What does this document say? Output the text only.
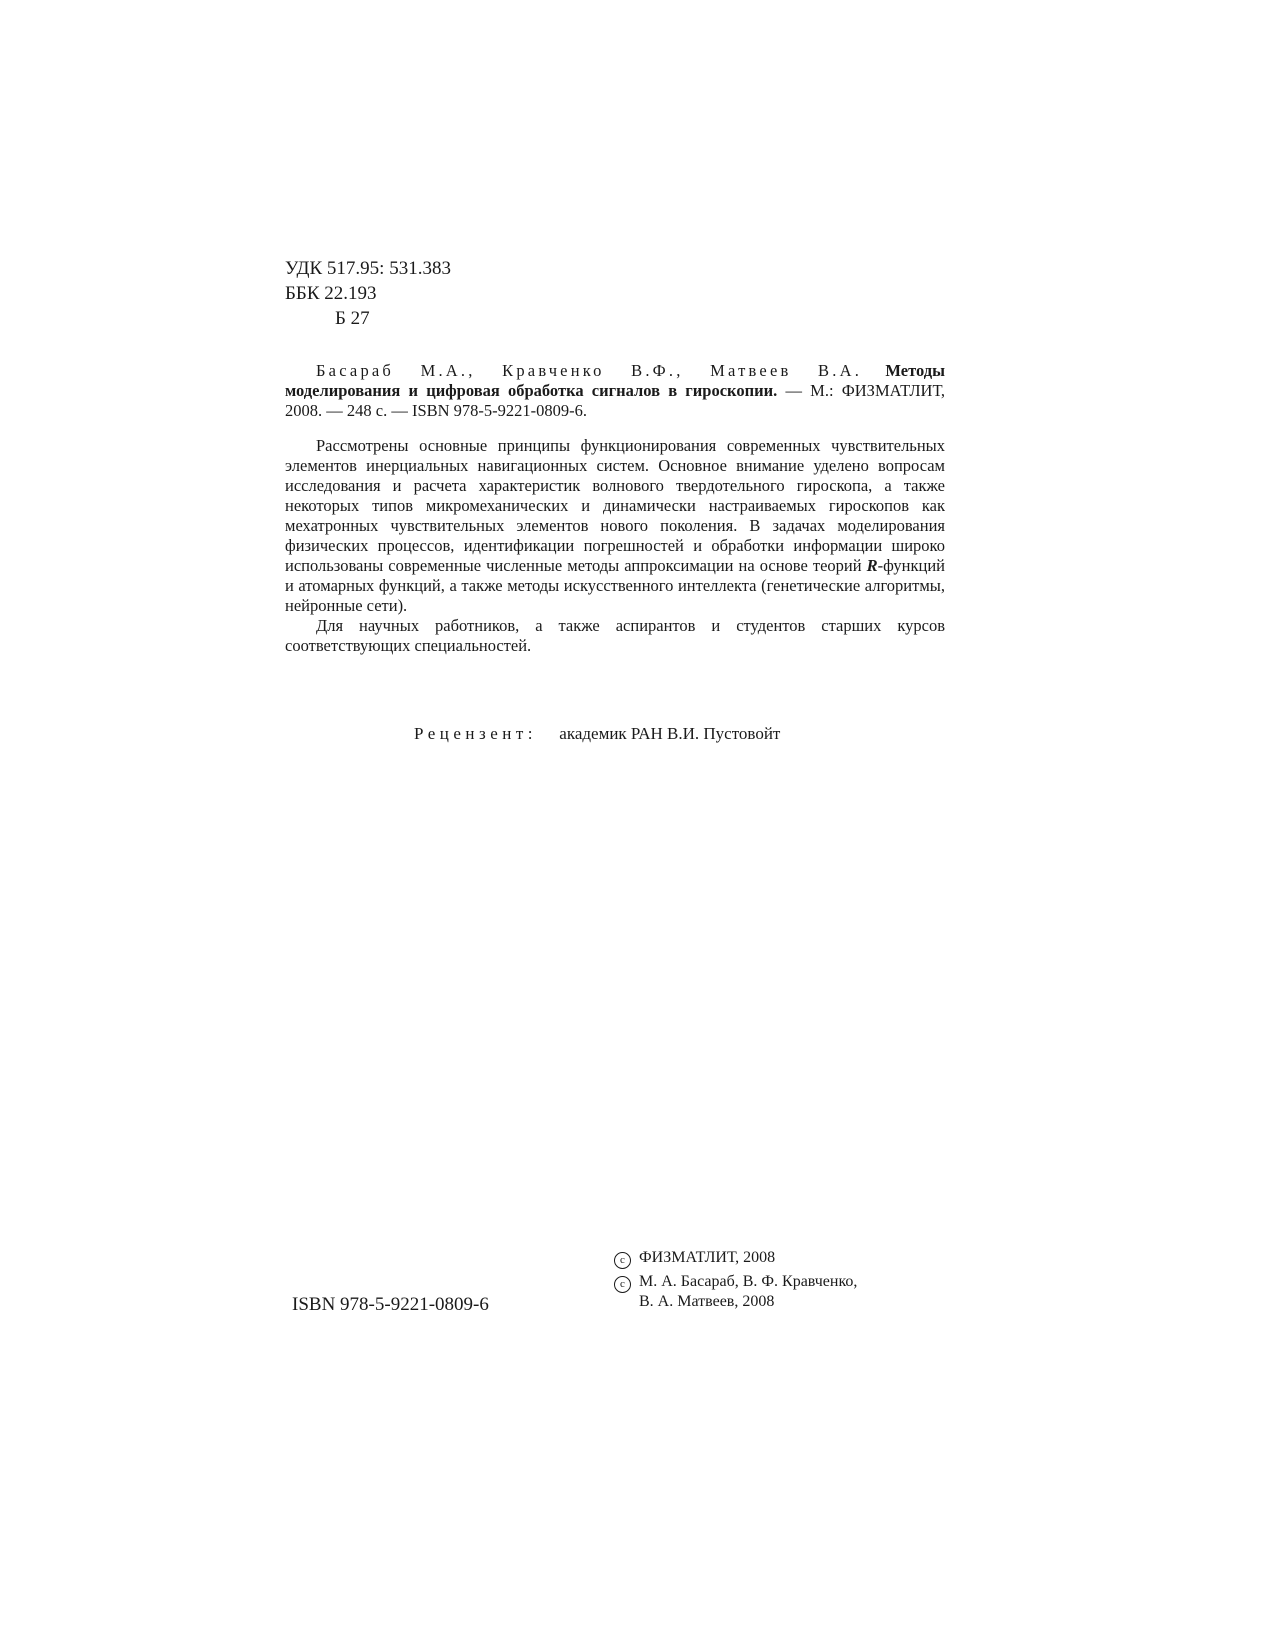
УДК 517.95: 531.383
ББК 22.193
Б 27

Басараб М.А., Кравченко В.Ф., Матвеев В.А. Методы моделирования и цифровая обработка сигналов в гироскопии. — М.: ФИЗМАТЛИТ, 2008. — 248 с. — ISBN 978-5-9221-0809-6.

Рассмотрены основные принципы функционирования современных чувствительных элементов инерциальных навигационных систем. Основное внимание уделено вопросам исследования и расчета характеристик волнового твердотельного гироскопа, а также некоторых типов микромеханических и динамически настраиваемых гироскопов как мехатронных чувствительных элементов нового поколения. В задачах моделирования физических процессов, идентификации погрешностей и обработки информации широко использованы современные численные методы аппроксимации на основе теорий R-функций и атомарных функций, а также методы искусственного интеллекта (генетические алгоритмы, нейронные сети).

Для научных работников, а также аспирантов и студентов старших курсов соответствующих специальностей.

Рецензент: академик РАН В.И. Пустовойт
ISBN 978-5-9221-0809-6
c ФИЗМАТЛИТ, 2008
c М. А. Басараб, В. Ф. Кравченко,
В. А. Матвеев, 2008
